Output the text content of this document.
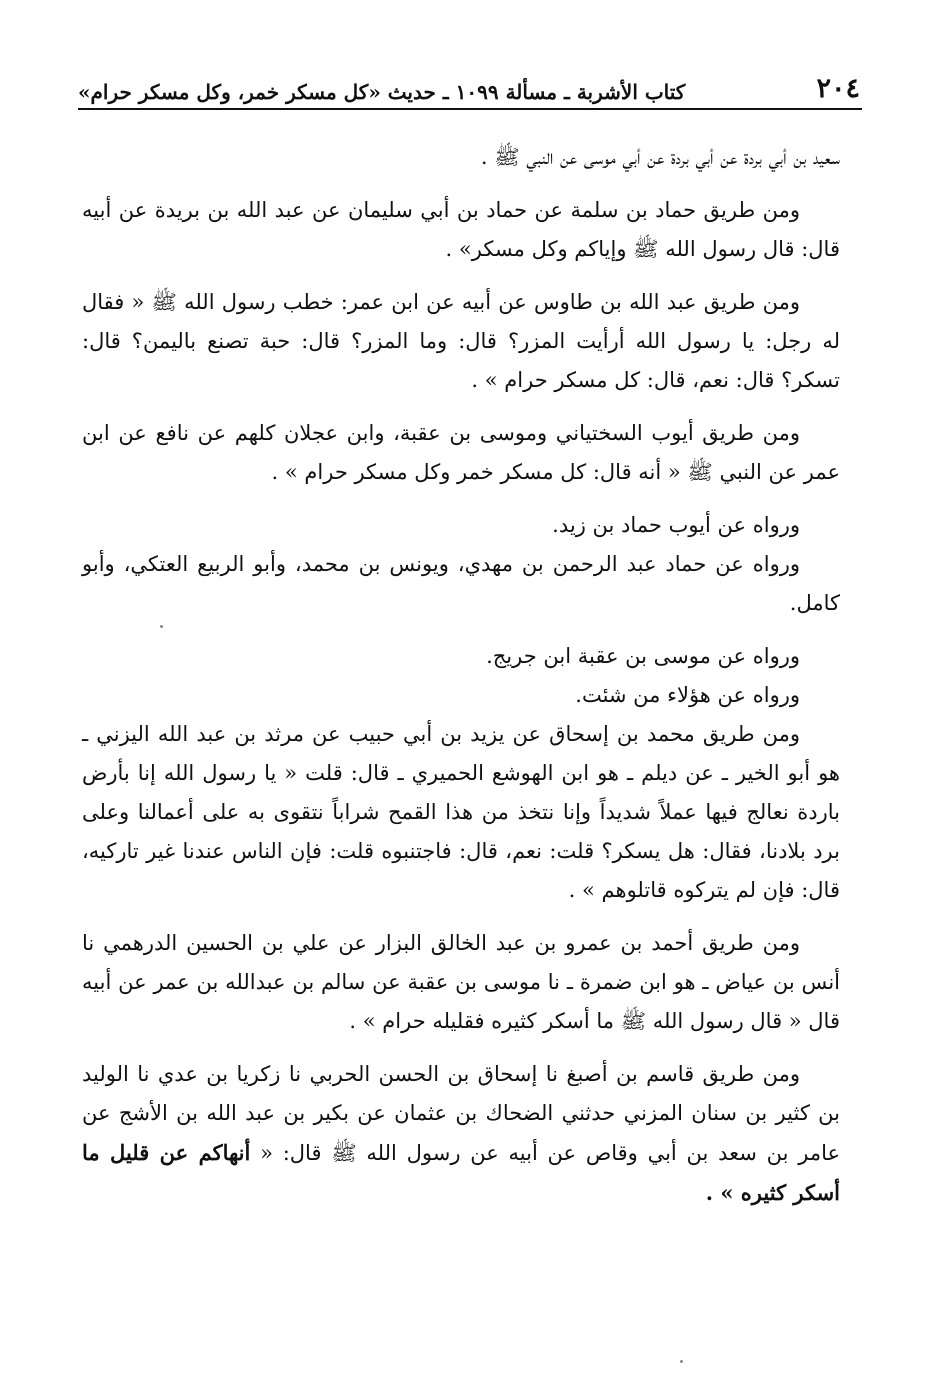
٢٠٤
كتاب الأشربة ـ مسألة ١٠٩٩ ـ حديث «كل مسكر خمر، وكل مسكر حرام»

سعيد بن أبي بردة عن أبي بردة عن أبي موسى عن النبي ﷺ .

ومن طريق حماد بن سلمة عن حماد بن أبي سليمان عن عبد الله بن بريدة عن أبيه قال: قال رسول الله ﷺ وإياكم وكل مسكر» .

ومن طريق عبد الله بن طاوس عن أبيه عن ابن عمر: خطب رسول الله ﷺ « فقال له رجل: يا رسول الله أرأيت المزر؟ قال: وما المزر؟ قال: حبة تصنع باليمن؟ قال: تسكر؟ قال: نعم، قال: كل مسكر حرام » .

ومن طريق أيوب السختياني وموسى بن عقبة، وابن عجلان كلهم عن نافع عن ابن عمر عن النبي ﷺ « أنه قال: كل مسكر خمر وكل مسكر حرام » .

ورواه عن أيوب حماد بن زيد.

ورواه عن حماد عبد الرحمن بن مهدي، ويونس بن محمد، وأبو الربيع العتكي، وأبو كامل.

ورواه عن موسى بن عقبة ابن جريج.

ورواه عن هؤلاء من شئت.

ومن طريق محمد بن إسحاق عن يزيد بن أبي حبيب عن مرثد بن عبد الله اليزني ـ هو أبو الخير ـ عن ديلم ـ هو ابن الهوشع الحميري ـ قال: قلت « يا رسول الله إنا بأرض باردة نعالج فيها عملاً شديداً وإنا نتخذ من هذا القمح شراباً نتقوى به على أعمالنا وعلى برد بلادنا، فقال: هل يسكر؟ قلت: نعم، قال: فاجتنبوه قلت: فإن الناس عندنا غير تاركيه، قال: فإن لم يتركوه قاتلوهم » .

ومن طريق أحمد بن عمرو بن عبد الخالق البزار عن علي بن الحسين الدرهمي نا أنس بن عياض ـ هو ابن ضمرة ـ نا موسى بن عقبة عن سالم بن عبدالله بن عمر عن أبيه قال « قال رسول الله ﷺ ما أسكر كثيره فقليله حرام » .

ومن طريق قاسم بن أصبغ نا إسحاق بن الحسن الحربي نا زكريا بن عدي نا الوليد بن كثير بن سنان المزني حدثني الضحاك بن عثمان عن بكير بن عبد الله بن الأشج عن عامر بن سعد بن أبي وقاص عن أبيه عن رسول الله ﷺ قال: « أنهاكم عن قليل ما أسكر كثيره » .
